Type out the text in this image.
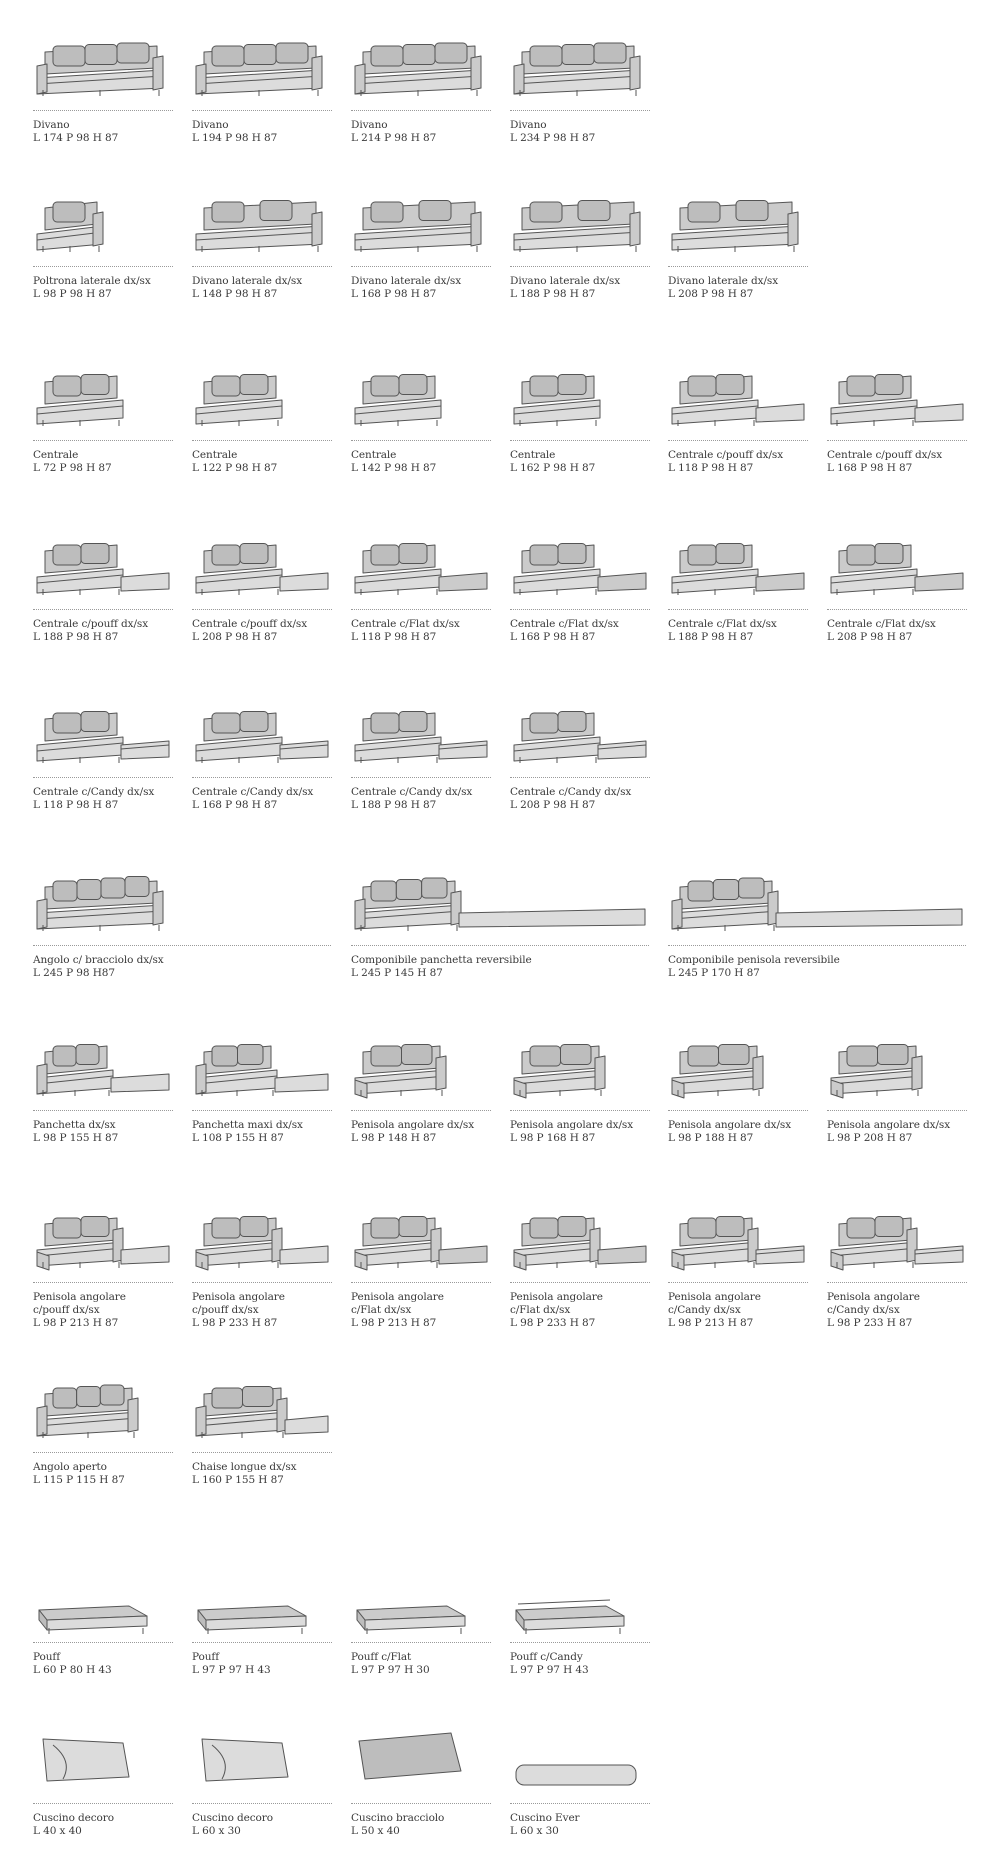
Divano
L 174 P 98 H 87
Divano
L 194 P 98 H 87
Divano
L 214 P 98 H 87
Divano
L 234 P 98 H 87
Poltrona laterale dx/sx
L 98 P 98 H 87
Divano laterale dx/sx
L 148 P 98 H 87
Divano laterale dx/sx
L 168 P 98 H 87
Divano laterale dx/sx
L 188 P 98 H 87
Divano laterale dx/sx
L 208 P 98 H 87
Centrale
L 72 P 98 H 87
Centrale
L 122 P 98 H 87
Centrale
L 142 P 98 H 87
Centrale
L 162 P 98 H 87
Centrale c/pouff dx/sx
L 118 P 98 H 87
Centrale c/pouff dx/sx
L 168 P 98 H 87
Centrale c/pouff dx/sx
L 188 P 98 H 87
Centrale c/pouff dx/sx
L 208 P 98 H 87
Centrale c/Flat dx/sx
L 118 P 98 H 87
Centrale c/Flat dx/sx
L 168 P 98 H 87
Centrale c/Flat dx/sx
L 188 P 98 H 87
Centrale c/Flat dx/sx
L 208 P 98 H 87
Centrale c/Candy dx/sx
L 118 P 98 H 87
Centrale c/Candy dx/sx
L 168 P 98 H 87
Centrale c/Candy dx/sx
L 188 P 98 H 87
Centrale c/Candy dx/sx
L 208 P 98 H 87
Angolo c/ bracciolo dx/sx
L 245 P 98 H87
Componibile panchetta reversibile
L 245 P 145 H 87
Componibile penisola reversibile
L 245 P 170 H 87
Panchetta dx/sx
L 98 P 155 H 87
Panchetta maxi dx/sx
L 108 P 155 H 87
Penisola angolare dx/sx
L 98 P 148 H 87
Penisola angolare dx/sx
L 98 P 168 H 87
Penisola angolare dx/sx
L 98 P 188 H 87
Penisola angolare dx/sx
L 98 P 208 H 87
Penisola angolare c/pouff dx/sx
L 98 P 213 H 87
Penisola angolare c/pouff dx/sx
L 98 P 233 H 87
Penisola angolare c/Flat dx/sx
L 98 P 213 H 87
Penisola angolare c/Flat dx/sx
L 98 P 233 H 87
Penisola angolare c/Candy dx/sx
L 98 P 213 H 87
Penisola angolare c/Candy dx/sx
L 98 P 233 H 87
Angolo aperto
L 115 P 115 H 87
Chaise longue dx/sx
L 160 P 155 H 87
Pouff
L 60 P 80 H 43
Pouff
L 97 P 97 H 43
Pouff c/Flat
L 97 P 97 H 30
Pouff c/Candy
L 97 P 97 H 43
Cuscino decoro
L 40 x 40
Cuscino decoro
L 60 x 30
Cuscino bracciolo
L 50 x 40
Cuscino Ever
L 60 x 30
